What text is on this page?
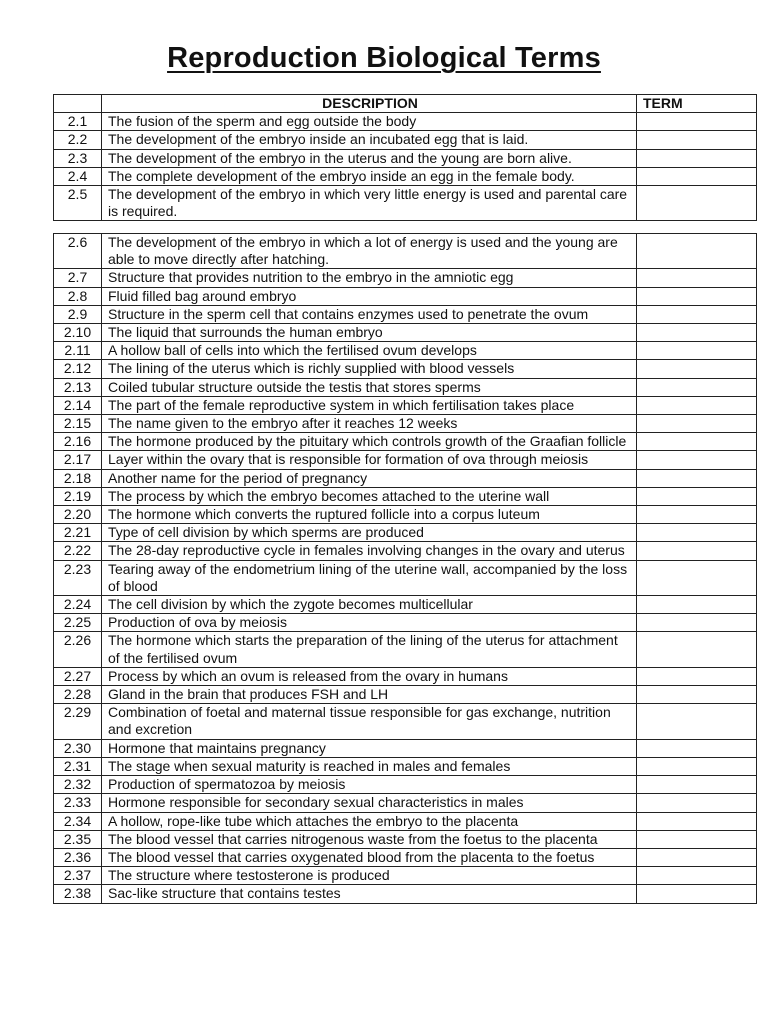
Reproduction Biological Terms
	DESCRIPTION	TERM
2.1	The fusion of the sperm and egg outside the body	
2.2	The development of the embryo inside an incubated egg that is laid.	
2.3	The development of the embryo in the uterus and the young are born alive.	
2.4	The complete development of the embryo inside an egg in the female body.	
2.5	The development of the embryo in which very little energy is used and parental care is required.	
2.6	The development of the embryo in which a lot of energy is used and the young are able to move directly after hatching.	
2.7	Structure that provides nutrition to the embryo in the amniotic egg	
2.8	Fluid filled bag around embryo	
2.9	Structure in the sperm cell that contains enzymes used to penetrate the ovum	
2.10	The liquid that surrounds the human embryo	
2.11	A hollow ball of cells into which the fertilised ovum develops	
2.12	The lining of the uterus which is richly supplied with blood vessels	
2.13	Coiled tubular structure outside the testis that stores sperms	
2.14	The part of the female reproductive system in which fertilisation takes place	
2.15	The name given to the embryo after it reaches 12 weeks	
2.16	The hormone produced by the pituitary which controls growth of the Graafian follicle	
2.17	Layer within the ovary that is responsible for formation of ova through meiosis	
2.18	Another name for the period of pregnancy	
2.19	The process by which the embryo becomes attached to the uterine wall	
2.20	The hormone which converts the ruptured follicle into a corpus luteum	
2.21	Type of cell division by which sperms are produced	
2.22	The 28-day reproductive cycle in females involving changes in the ovary and uterus	
2.23	Tearing away of the endometrium lining of the uterine wall, accompanied by the loss of blood	
2.24	The cell division by which the zygote becomes multicellular	
2.25	Production of ova by meiosis	
2.26	The hormone which starts the preparation of the lining of the uterus for attachment of the fertilised ovum	
2.27	Process by which an ovum is released from the ovary in humans	
2.28	Gland in the brain that produces FSH and LH	
2.29	Combination of foetal and maternal tissue responsible for gas exchange, nutrition and excretion	
2.30	Hormone that maintains pregnancy	
2.31	The stage when sexual maturity is reached in males and females	
2.32	Production of spermatozoa by meiosis	
2.33	Hormone responsible for secondary sexual characteristics in males	
2.34	A hollow, rope-like tube which attaches the embryo to the placenta	
2.35	The blood vessel that carries nitrogenous waste from the foetus to the placenta	
2.36	The blood vessel that carries oxygenated blood from the placenta to the foetus	
2.37	The structure where testosterone is produced	
2.38	Sac-like structure that contains testes	
